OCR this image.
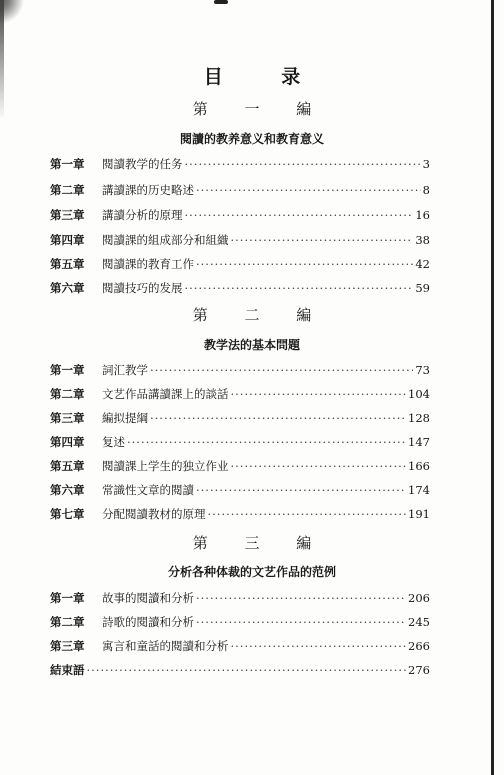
目 录
第 一 編
閱讀的教养意义和教育意义
第一章	閱讀教学的任务 ·····	3
第二章	講讀課的历史略述 ·····	8
第三章	講讀分析的原理 ·····	16
第四章	閱讀課的組成部分和組織 ·····	38
第五章	閱讀課的教育工作 ·····	42
第六章	閱讀技巧的发展 ·····	59
第 二 編
教学法的基本問題
第一章	詞汇教学 ·····	73
第二章	文艺作品講讀課上的談話 ·····	104
第三章	編拟提綱 ·····	128
第四章	复述 ·····	147
第五章	閱讀課上学生的独立作业 ·····	166
第六章	常識性文章的閱讀 ·····	174
第七章	分配閱讀教材的原理 ·····	191
第 三 編
分析各种体裁的文艺作品的范例
第一章	故事的閱讀和分析 ·····	206
第二章	詩歌的閱讀和分析 ·····	245
第三章	寓言和童話的閱讀和分析 ·····	266
結束語 ·····	276
